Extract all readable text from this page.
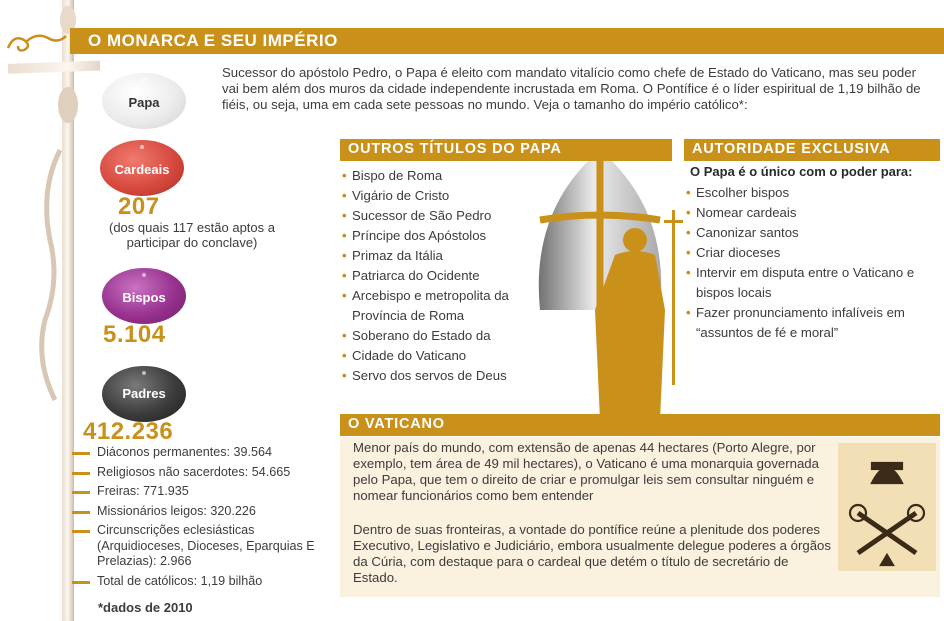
O MONARCA E SEU IMPÉRIO

Sucessor do apóstolo Pedro, o Papa é eleito com mandato vitalício como chefe de Estado do Vaticano, mas seu poder vai bem além dos muros da cidade independente incrustada em Roma. O Pontífice é o líder espiritual de 1,19 bilhão de fiéis, ou seja, uma em cada sete pessoas no mundo. Veja o tamanho do império católico*:

Papa
Cardeais
207
(dos quais 117 estão aptos a participar do conclave)
Bispos
5.104
Padres
412.236
Diáconos permanentes: 39.564
Religiosos não sacerdotes: 54.665
Freiras: 771.935
Missionários leigos: 320.226
Circunscrições eclesiásticas (Arquidioceses, Dioceses, Eparquias E Prelazias): 2.966
Total de católicos: 1,19 bilhão
*dados de 2010
OUTROS TÍTULOS DO PAPA
• Bispo de Roma
• Vigário de Cristo
• Sucessor de São Pedro
• Príncipe dos Apóstolos
• Primaz da Itália
• Patriarca do Ocidente
• Arcebispo e metropolita da Província de Roma
• Soberano do Estado da
• Cidade do Vaticano
• Servo dos servos de Deus
AUTORIDADE EXCLUSIVA
O Papa é o único com o poder para:
• Escolher bispos
• Nomear cardeais
• Canonizar santos
• Criar dioceses
• Intervir em disputa entre o Vaticano e bispos locais
• Fazer pronunciamento infalíveis em “assuntos de fé e moral”
O VATICANO

Menor país do mundo, com extensão de apenas 44 hectares (Porto Alegre, por exemplo, tem área de 49 mil hectares), o Vaticano é uma monarquia governada pelo Papa, que tem o direito de criar e promulgar leis sem consultar ninguém e nomear funcionários como bem entender

Dentro de suas fronteiras, a vontade do pontífice reúne a plenitude dos poderes Executivo, Legislativo e Judiciário, embora usualmente delegue poderes a órgãos da Cúria, com destaque para o cardeal que detém o título de secretário de Estado.
